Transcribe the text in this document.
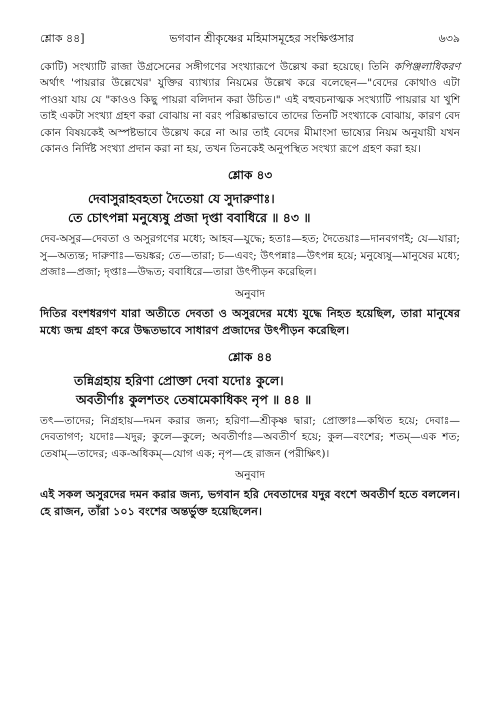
শ্লোক ৪৪]	ভগবান শ্রীকৃষ্ণের মহিমাসমূহের সংক্ষিপ্তসার	৬৩৯

কোটি) সংখ্যাটি রাজা উগ্রসেনের সঙ্গীগণের সংখ্যারূপে উল্লেখ করা হয়েছে। তিনি কপিঞ্জলাধিকরণ অর্থাৎ 'পায়রার উল্লেখের' যুক্তির ব্যাখ্যার নিয়মের উল্লেখ করে বলেছেন—"বেদের কোথাও এটা পাওয়া যায় যে "কাওও কিছু পায়রা বলিদান করা উচিত।" এই বহুবচনাত্মক সংখ্যাটি পায়রার যা খুশি তাই একটা সংখ্যা গ্রহণ করা বোঝায় না বরং পরিষ্কারভাবে তাদের তিনটি সংখ্যাকে বোঝায়, কারণ বেদ কোন বিষয়কেই অস্পষ্টভাবে উল্লেখ করে না আর তাই বেদের মীমাংসা ভাষ্যের নিয়ম অনুযায়ী যখন কোনও নির্দিষ্ট সংখ্যা প্রদান করা না হয়, তখন তিনকেই অনুপস্থিত সংখ্যা রূপে গ্রহণ করা হয়।

শ্লোক ৪৩

দেবাসুরাহবহতা দৈতেয়া যে সুদারুণাঃ।
তে চোৎপন্না মনুষ্যেষু প্রজা দৃপ্তা ববাধিরে ॥ ৪৩ ॥

দেব-অসুর—দেবতা ও অসুরগণের মধ্যে; আহব—যুদ্ধে; হতাঃ—হত; দৈতেয়াঃ—দানবগণই; যে—যারা; সু—অত্যন্ত; দারুণাঃ—ভয়ঙ্কর; তে—তারা; চ—এবং; উৎপন্নাঃ—উৎপন্ন হয়ে; মনুষ্যেষু—মানুষের মধ্যে; প্রজাঃ—প্রজা; দৃপ্তাঃ—উদ্ধত; ববাধিরে—তারা উৎপীড়ন করেছিল।

অনুবাদ

দিতির বংশধরগণ যারা অতীতে দেবতা ও অসুরদের মধ্যে যুদ্ধে নিহত হয়েছিল, তারা মানুষের মধ্যে জন্ম গ্রহণ করে উদ্ধতভাবে সাধারণ প্রজাদের উৎপীড়ন করেছিল।

শ্লোক ৪৪

তন্নিগ্রহায় হরিণা প্রোক্তা দেবা যদোঃ কুলে।
অবতীর্ণাঃ কুলশতং তেষামেকাধিকং নৃপ ॥ ৪৪ ॥

তৎ—তাদের; নিগ্রহায়—দমন করার জন্য; হরিণা—শ্রীকৃষ্ণ দ্বারা; প্রোক্তাঃ—কথিত হয়ে; দেবাঃ—দেবতাগণ; যদোঃ—যদুর; কুলে—কুলে; অবতীর্ণাঃ—অবতীর্ণ হয়ে; কুল—বংশের; শতম্—এক শত; তেষাম্—তাদের; এক-অধিকম্—যোগ এক; নৃপ—হে রাজন (পরীক্ষিৎ)।

অনুবাদ

এই সকল অসুরদের দমন করার জন্য, ভগবান হরি দেবতাদের যদুর বংশে অবতীর্ণ হতে বললেন। হে রাজন, তাঁরা ১০১ বংশের অন্তর্ভুক্ত হয়েছিলেন।
